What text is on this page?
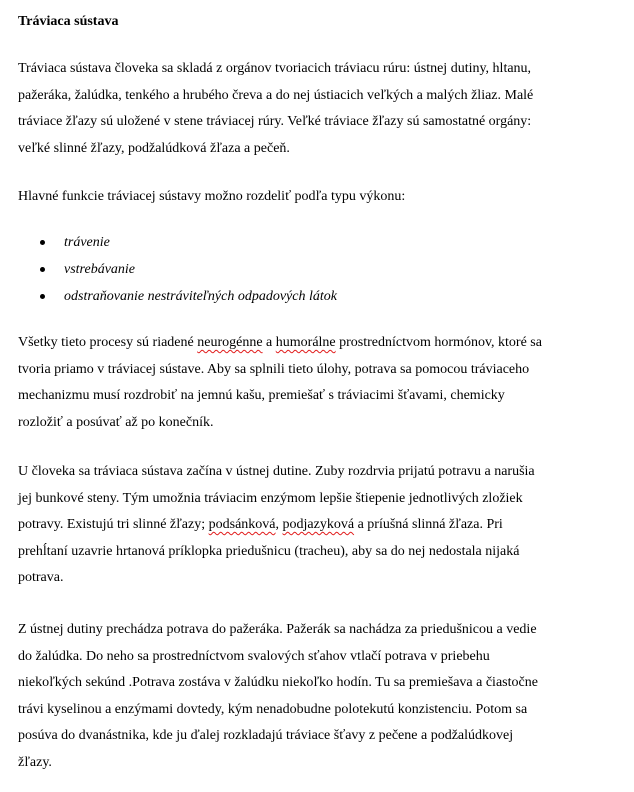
Tráviaca sústava

Tráviaca sústava človeka sa skladá z orgánov tvoriacich tráviacu rúru: ústnej dutiny, hltanu,
pažeráka, žalúdka, tenkého a hrubého čreva a do nej ústiacich veľkých a malých žliaz. Malé
tráviace žľazy sú uložené v stene tráviacej rúry. Veľké tráviace žľazy sú samostatné orgány:
veľké slinné žľazy, podžalúdková žľaza a pečeň.

Hlavné funkcie tráviacej sústavy možno rozdeliť podľa typu výkonu:

trávenie
vstrebávanie
odstraňovanie nestráviteľných odpadových látok

Všetky tieto procesy sú riadené neurogénne a humorálne prostredníctvom hormónov, ktoré sa
tvoria priamo v tráviacej sústave. Aby sa splnili tieto úlohy, potrava sa pomocou tráviaceho
mechanizmu musí rozdrobiť na jemnú kašu, premiešať s tráviacimi šťavami, chemicky
rozložiť a posúvať až po konečník.

U človeka sa tráviaca sústava začína v ústnej dutine. Zuby rozdrvia prijatú potravu a narušia
jej bunkové steny. Tým umožnia tráviacim enzýmom lepšie štiepenie jednotlivých zložiek
potravy. Existujú tri slinné žľazy; podsánková, podjazyková a príušná slinná žľaza. Pri
prehĺtaní uzavrie hrtanová príklopka priedušnicu (tracheu), aby sa do nej nedostala nijaká
potrava.

Z ústnej dutiny prechádza potrava do pažeráka. Pažerák sa nachádza za priedušnicou a vedie
do žalúdka. Do neho sa prostredníctvom svalových sťahov vtlačí potrava v priebehu
niekoľkých sekúnd .Potrava zostáva v žalúdku niekoľko hodín. Tu sa premiešava a čiastočne
trávi kyselinou a enzýmami dovtedy, kým nenadobudne polotekutú konzistenciu. Potom sa
posúva do dvanástnika, kde ju ďalej rozkladajú tráviace šťavy z pečene a podžalúdkovej
žľazy.
